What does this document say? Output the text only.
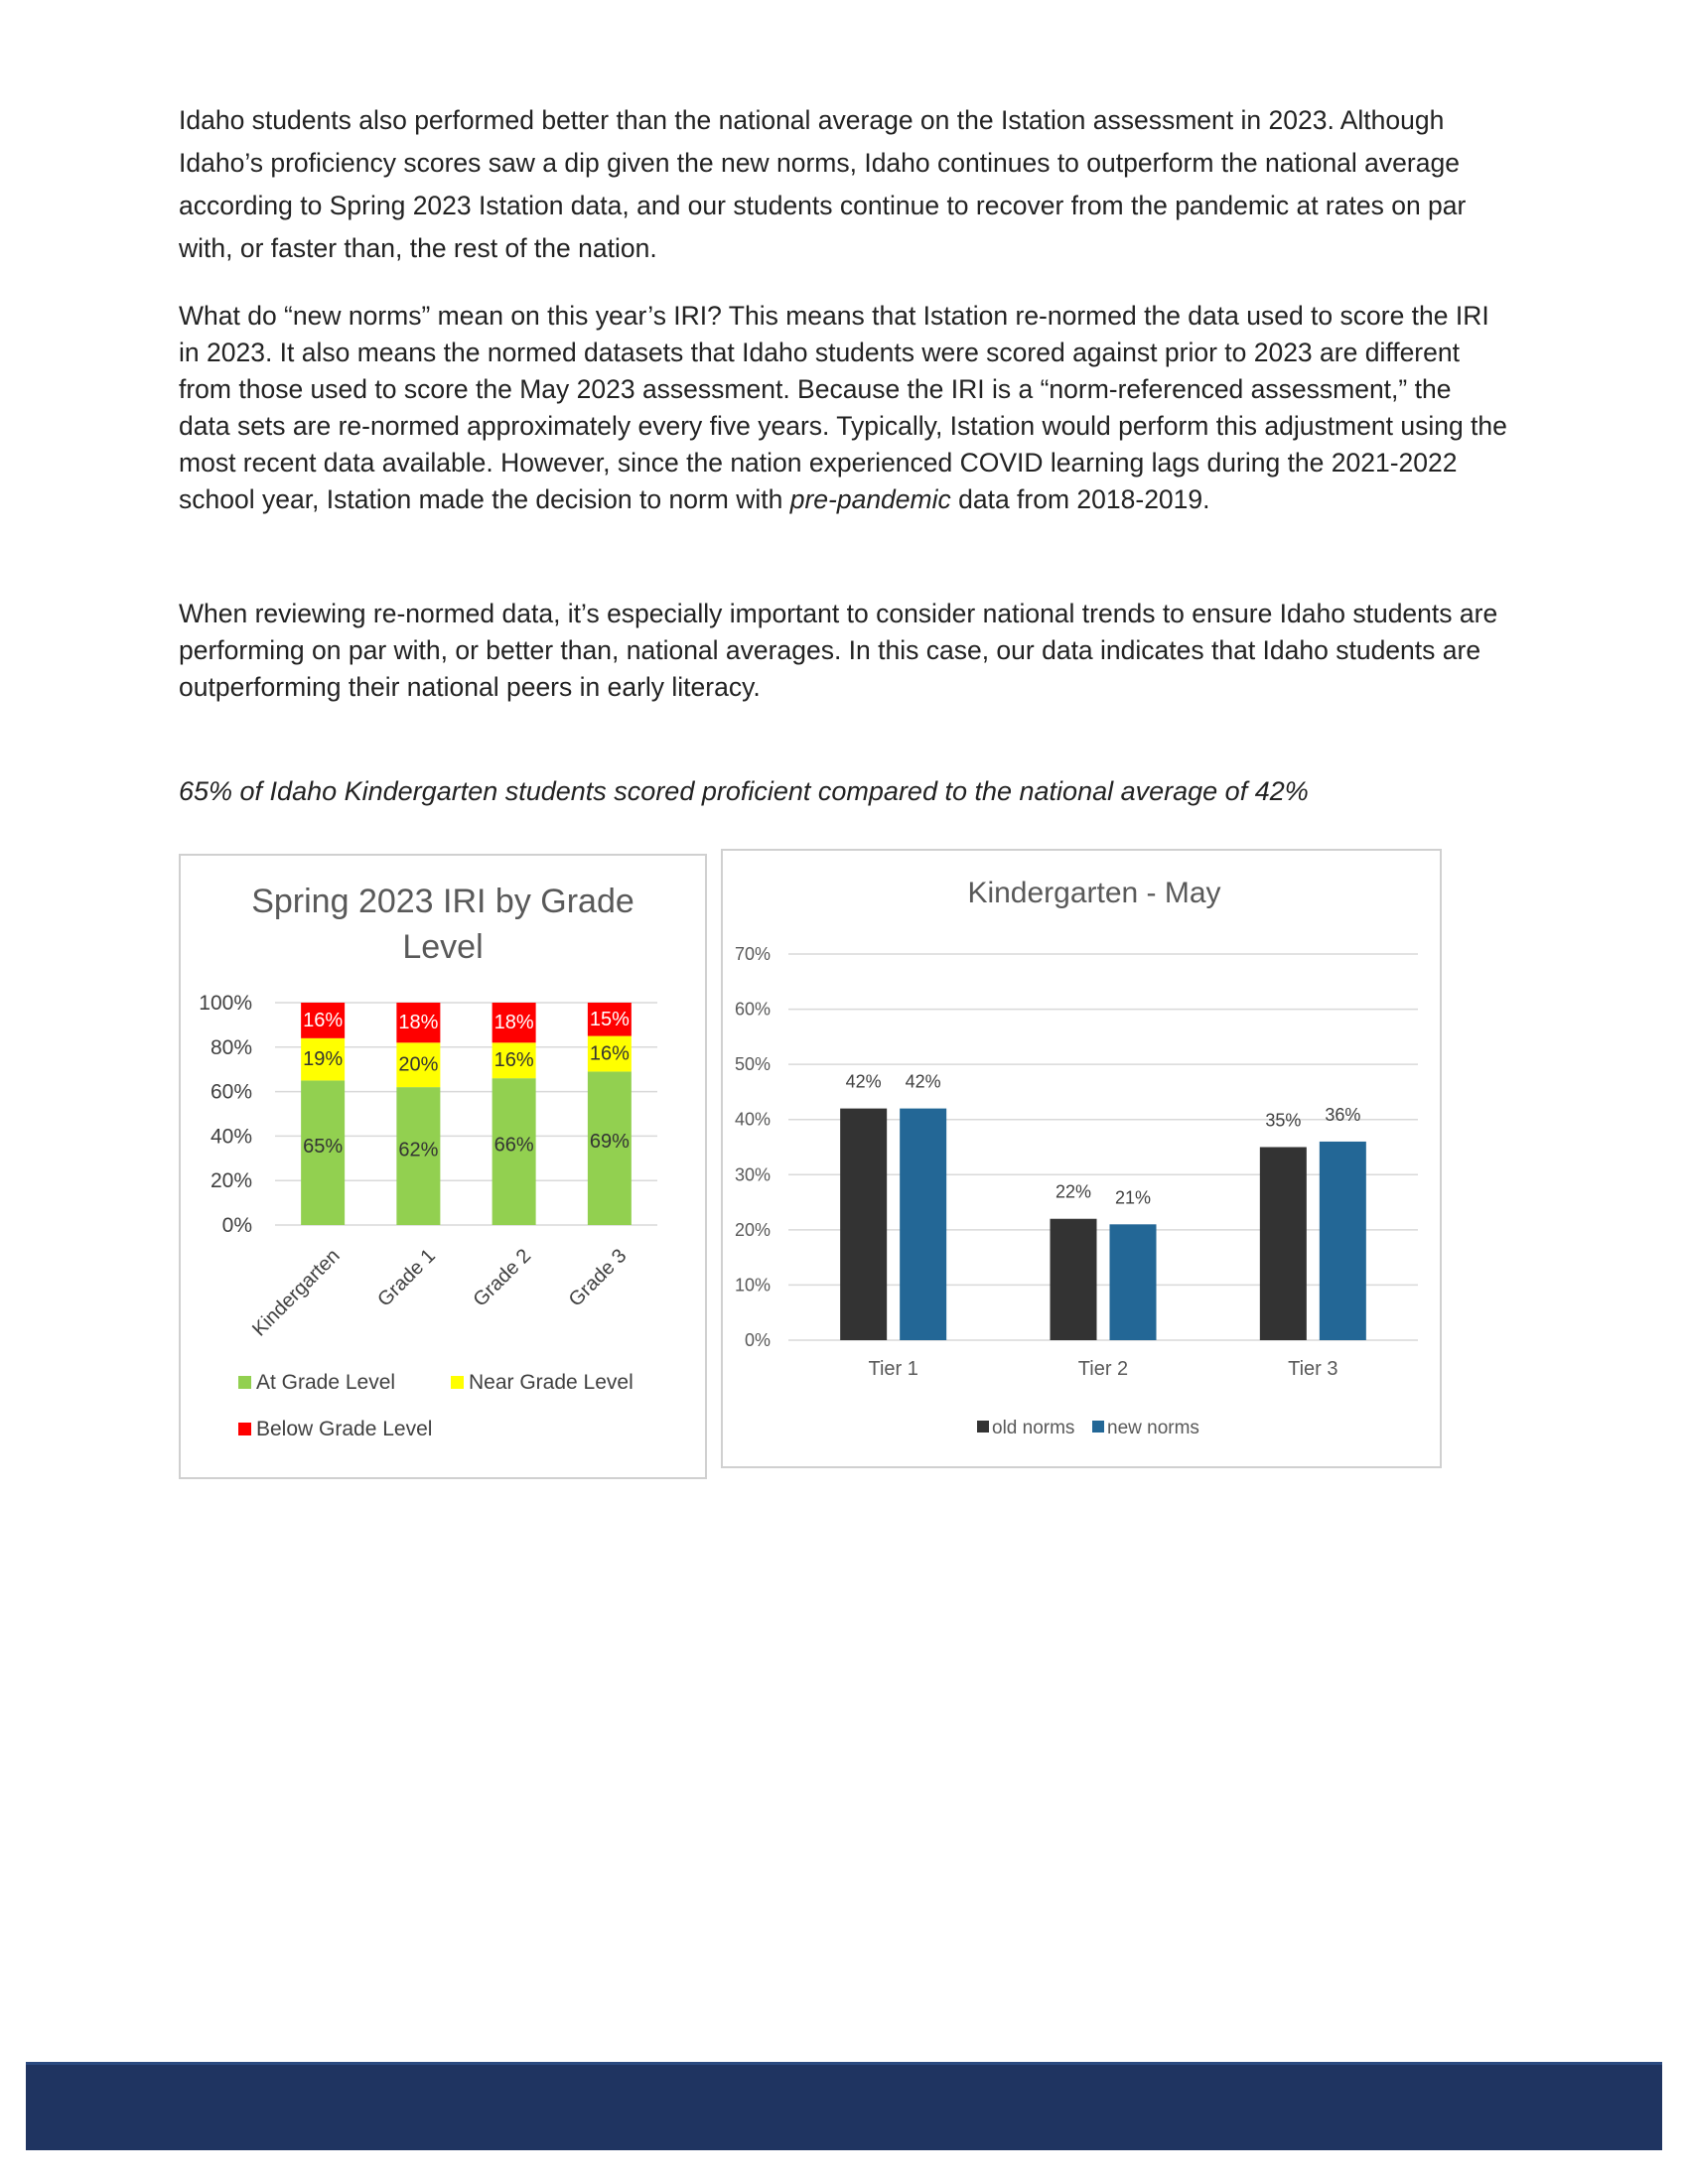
Idaho students also performed better than the national average on the Istation assessment in 2023. Although Idaho’s proficiency scores saw a dip given the new norms, Idaho continues to outperform the national average according to Spring 2023 Istation data, and our students continue to recover from the pandemic at rates on par with, or faster than, the rest of the nation.

What do “new norms” mean on this year’s IRI? This means that Istation re-normed the data used to score the IRI in 2023. It also means the normed datasets that Idaho students were scored against prior to 2023 are different from those used to score the May 2023 assessment. Because the IRI is a “norm-referenced assessment,” the data sets are re-normed approximately every five years. Typically, Istation would perform this adjustment using the most recent data available. However, since the nation experienced COVID learning lags during the 2021-2022 school year, Istation made the decision to norm with pre-pandemic data from 2018-2019.

When reviewing re-normed data, it’s especially important to consider national trends to ensure Idaho students are performing on par with, or better than, national averages. In this case, our data indicates that Idaho students are outperforming their national peers in early literacy.

65% of Idaho Kindergarten students scored proficient compared to the national average of 42%

Spring 2023 IRI by Grade
Level
0%
20%
40%
60%
80%
100%
65%
19%
16%
Kindergarten
62%
20%
18%
Grade 1
66%
16%
18%
Grade 2
69%
16%
15%
Grade 3
At Grade Level	Near Grade Level
Below Grade Level
Kindergarten - May
0%
10%
20%
30%
40%
50%
60%
70%
42% 42%
Tier 1
22% 21%
Tier 2
35% 36%
Tier 3
old norms new norms
